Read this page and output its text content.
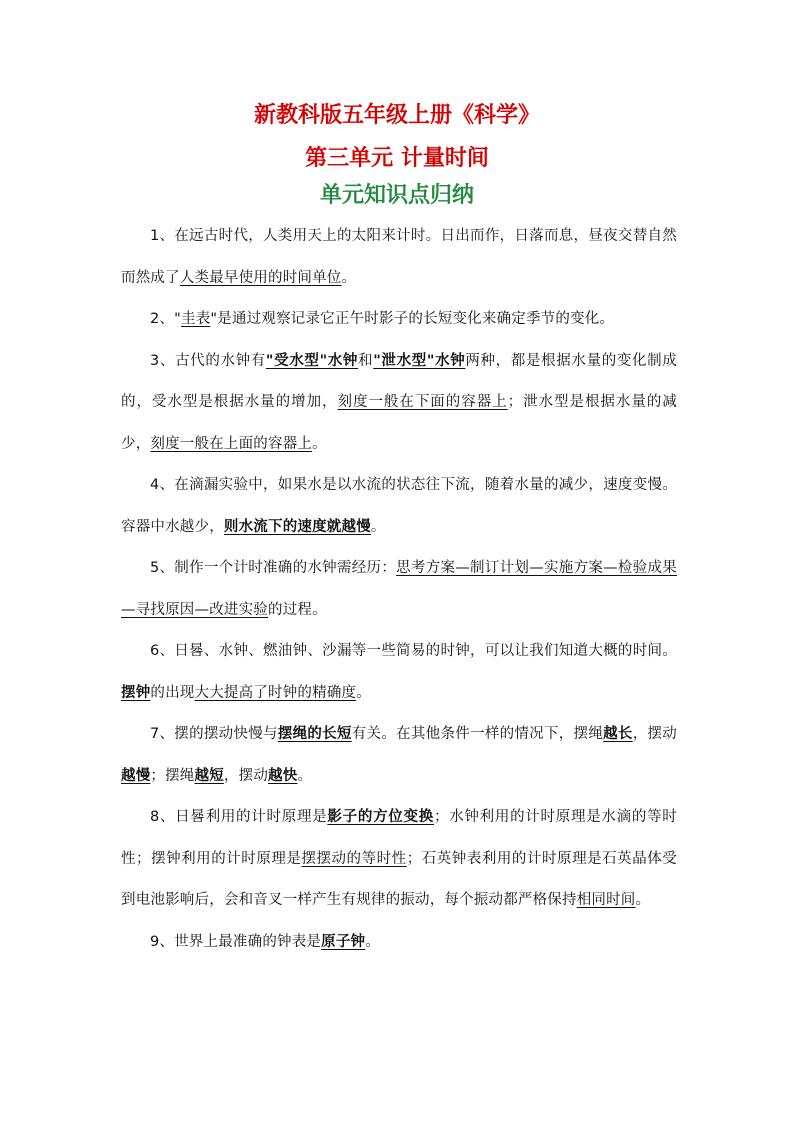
新教科版五年级上册《科学》
第三单元 计量时间
单元知识点归纳

1、在远古时代，人类用天上的太阳来计时。日出而作，日落而息，昼夜交替自然而然成了人类最早使用的时间单位。

2、"圭表"是通过观察记录它正午时影子的长短变化来确定季节的变化。

3、古代的水钟有"受水型"水钟和"泄水型"水钟两种，都是根据水量的变化制成的，受水型是根据水量的增加，刻度一般在下面的容器上；泄水型是根据水量的减少，刻度一般在上面的容器上。

4、在滴漏实验中，如果水是以水流的状态往下流，随着水量的减少，速度变慢。容器中水越少，则水流下的速度就越慢。

5、制作一个计时准确的水钟需经历：思考方案—制订计划—实施方案—检验成果—寻找原因—改进实验的过程。

6、日晷、水钟、燃油钟、沙漏等一些简易的时钟，可以让我们知道大概的时间。摆钟的出现大大提高了时钟的精确度。

7、摆的摆动快慢与摆绳的长短有关。在其他条件一样的情况下，摆绳越长，摆动越慢；摆绳越短，摆动越快。

8、日晷利用的计时原理是影子的方位变换；水钟利用的计时原理是水滴的等时性；摆钟利用的计时原理是摆摆动的等时性；石英钟表利用的计时原理是石英晶体受到电池影响后，会和音叉一样产生有规律的振动，每个振动都严格保持相同时间。

9、世界上最准确的钟表是原子钟。
